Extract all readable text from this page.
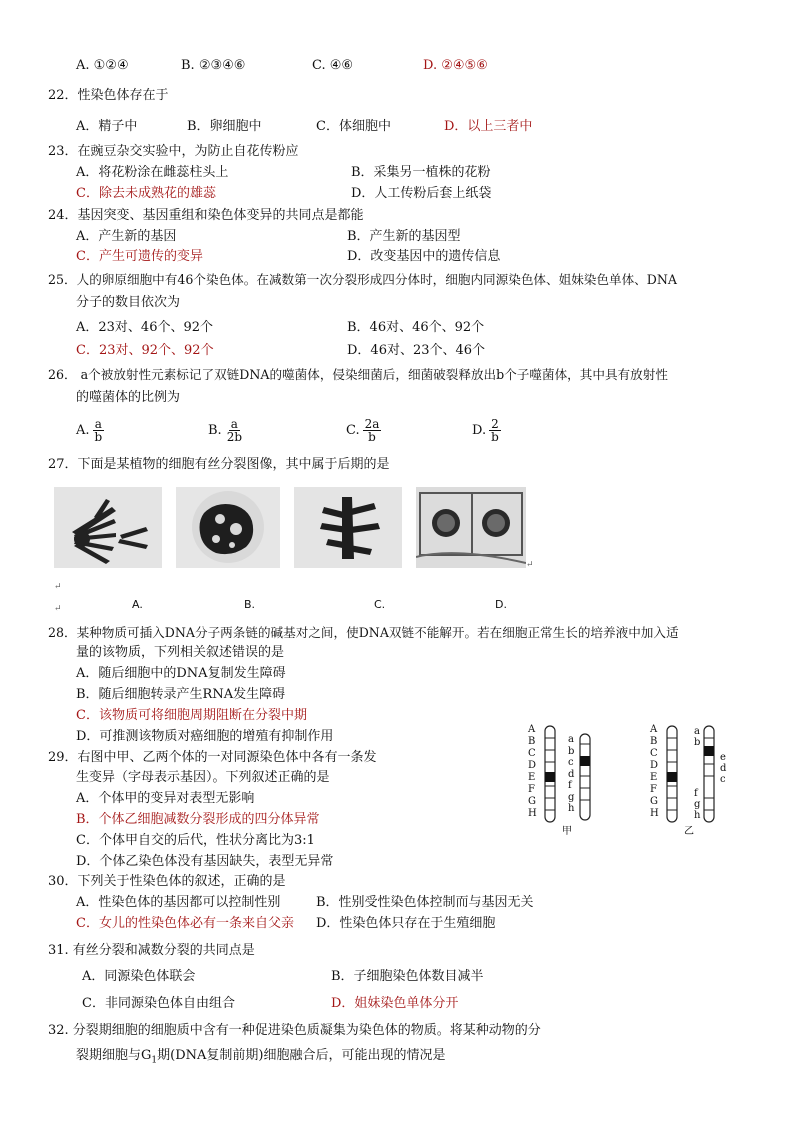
A. ①②④	B. ②③④⑥	C. ④⑥	D. ②④⑤⑥
22．性染色体存在于
A．精子中	B．卵细胞中	C．体细胞中	D．以上三者中
23．在豌豆杂交实验中，为防止自花传粉应
A．将花粉涂在雌蕊柱头上	B．采集另一植株的花粉
C．除去未成熟花的雄蕊	D．人工传粉后套上纸袋
24．基因突变、基因重组和染色体变异的共同点是都能
A．产生新的基因	B．产生新的基因型
C．产生可遗传的变异	D．改变基因中的遗传信息
25．人的卵原细胞中有46个染色体。在减数第一次分裂形成四分体时，细胞内同源染色体、姐妹染色单体、DNA
分子的数目依次为
A．23对、46个、92个	B．46对、46个、92个
C．23对、92个、92个	D．46对、23个、46个
26． a个被放射性元素标记了双链DNA的噬菌体，侵染细菌后，细菌破裂释放出b个子噬菌体，其中具有放射性
的噬菌体的比例为
A. $\frac{a}{b}$	B. $\frac{a}{2b}$	C. $\frac{2a}{b}$	D. $\frac{2}{b}$
27．下面是某植物的细胞有丝分裂图像，其中属于后期的是
↵
↵
↵	A.	B.	C.	D.
28．某种物质可插入DNA分子两条链的碱基对之间，使DNA双链不能解开。若在细胞正常生长的培养液中加入适
量的该物质，下列相关叙述错误的是
A．随后细胞中的DNA复制发生障碍
B．随后细胞转录产生RNA发生障碍
C．该物质可将细胞周期阻断在分裂中期
D．可推测该物质对癌细胞的增殖有抑制作用
29．右图中甲、乙两个体的一对同源染色体中各有一条发
生变异（字母表示基因）。下列叙述正确的是
A．个体甲的变异对表型无影响
B．个体乙细胞减数分裂形成的四分体异常
C．个体甲自交的后代，性状分离比为3:1
D．个体乙染色体没有基因缺失，表型无异常
甲
A
B
C
D
E
F
G
H
a
b
c
d
f
g
h
乙
A
B
C
D
E
F
G
H
a
b
e
d
c
f
g
h
30．下列关于性染色体的叙述，正确的是
A．性染色体的基因都可以控制性别	B．性别受性染色体控制而与基因无关
C．女儿的性染色体必有一条来自父亲 D．性染色体只存在于生殖细胞
31. 有丝分裂和减数分裂的共同点是
A．同源染色体联会	B．子细胞染色体数目减半
C．非同源染色体自由组合	D．姐妹染色单体分开
32. 分裂期细胞的细胞质中含有一种促进染色质凝集为染色体的物质。将某种动物的分
裂期细胞与$G_1$期(DNA复制前期)细胞融合后，可能出现的情况是
